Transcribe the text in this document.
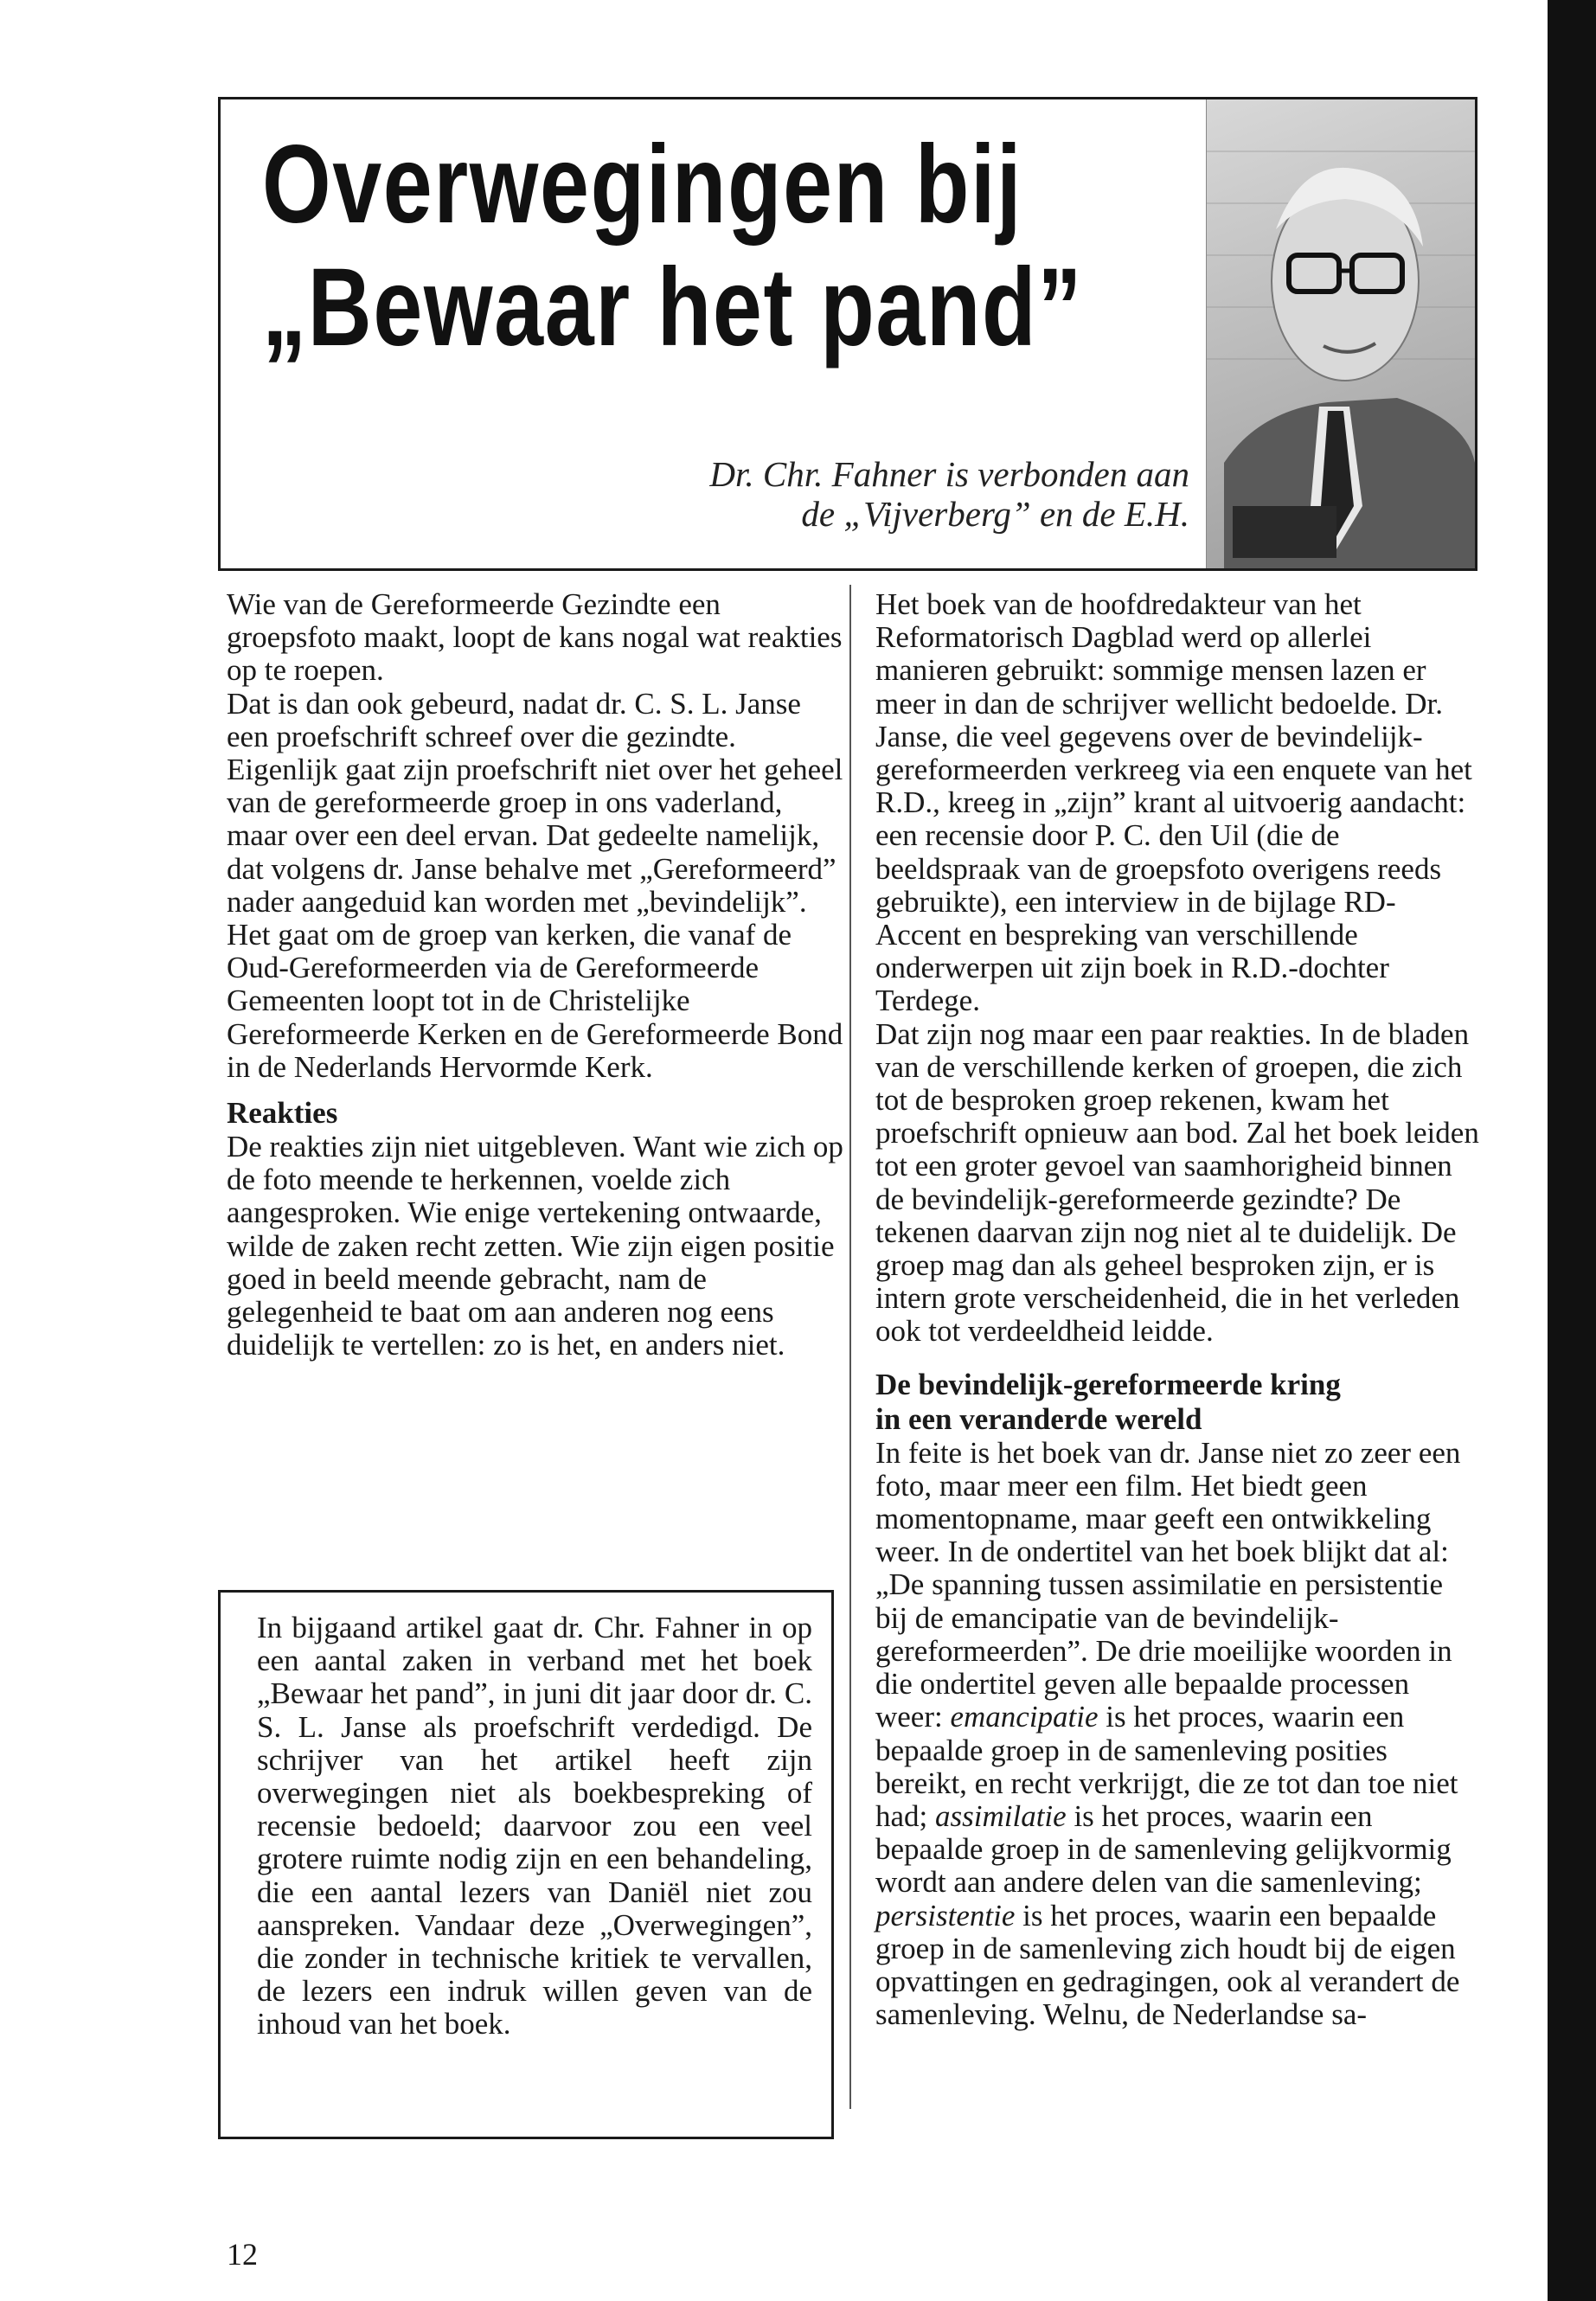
Overwegingen bij
„Bewaar het pand”
Dr. Chr. Fahner is verbonden aan
de „Vijverberg” en de E.H.

Wie van de Gereformeerde Gezindte een groepsfoto maakt, loopt de kans nogal wat reakties op te roepen.

Dat is dan ook gebeurd, nadat dr. C. S. L. Janse een proefschrift schreef over die gezindte.

Eigenlijk gaat zijn proefschrift niet over het geheel van de gereformeerde groep in ons vaderland, maar over een deel ervan. Dat gedeelte namelijk, dat volgens dr. Janse behalve met „Gereformeerd” nader aangeduid kan worden met „bevindelijk”. Het gaat om de groep van kerken, die vanaf de Oud-Gereformeerden via de Gereformeerde Gemeenten loopt tot in de Christelijke Gereformeerde Kerken en de Gereformeerde Bond in de Nederlands Hervormde Kerk.

Reakties

De reakties zijn niet uitgebleven. Want wie zich op de foto meende te herkennen, voelde zich aangesproken. Wie enige vertekening ontwaarde, wilde de zaken recht zetten. Wie zijn eigen positie goed in beeld meende gebracht, nam de gelegenheid te baat om aan anderen nog eens duidelijk te vertellen: zo is het, en anders niet.

In bijgaand artikel gaat dr. Chr. Fahner in op een aantal zaken in verband met het boek „Bewaar het pand”, in juni dit jaar door dr. C. S. L. Janse als proefschrift verdedigd. De schrijver van het artikel heeft zijn overwegingen niet als boekbespreking of recensie bedoeld; daarvoor zou een veel grotere ruimte nodig zijn en een behandeling, die een aantal lezers van Daniël niet zou aanspreken. Vandaar deze „Overwegingen”, die zonder in technische kritiek te vervallen, de lezers een indruk willen geven van de inhoud van het boek.

Het boek van de hoofdredakteur van het Reformatorisch Dagblad werd op allerlei manieren gebruikt: sommige mensen lazen er meer in dan de schrijver wellicht bedoelde. Dr. Janse, die veel gegevens over de bevindelijk-gereformeerden verkreeg via een enquete van het R.D., kreeg in „zijn” krant al uitvoerig aandacht: een recensie door P. C. den Uil (die de beeldspraak van de groepsfoto overigens reeds gebruikte), een interview in de bijlage RD-Accent en bespreking van verschillende onderwerpen uit zijn boek in R.D.-dochter Terdege.

Dat zijn nog maar een paar reakties. In de bladen van de verschillende kerken of groepen, die zich tot de besproken groep rekenen, kwam het proefschrift opnieuw aan bod. Zal het boek leiden tot een groter gevoel van saamhorigheid binnen de bevindelijk-gereformeerde gezindte? De tekenen daarvan zijn nog niet al te duidelijk. De groep mag dan als geheel besproken zijn, er is intern grote verscheidenheid, die in het verleden ook tot verdeeldheid leidde.

De bevindelijk-gereformeerde kring
in een veranderde wereld

In feite is het boek van dr. Janse niet zo zeer een foto, maar meer een film. Het biedt geen momentopname, maar geeft een ontwikkeling weer. In de ondertitel van het boek blijkt dat al: „De spanning tussen assimilatie en persistentie bij de emancipatie van de bevindelijk-gereformeerden”. De drie moeilijke woorden in die ondertitel geven alle bepaalde processen weer: emancipatie is het proces, waarin een bepaalde groep in de samenleving posities bereikt, en recht verkrijgt, die ze tot dan toe niet had; assimilatie is het proces, waarin een bepaalde groep in de samenleving gelijkvormig wordt aan andere delen van die samenleving; persistentie is het proces, waarin een bepaalde groep in de samenleving zich houdt bij de eigen opvattingen en gedragingen, ook al verandert de samenleving. Welnu, de Nederlandse sa-

12
